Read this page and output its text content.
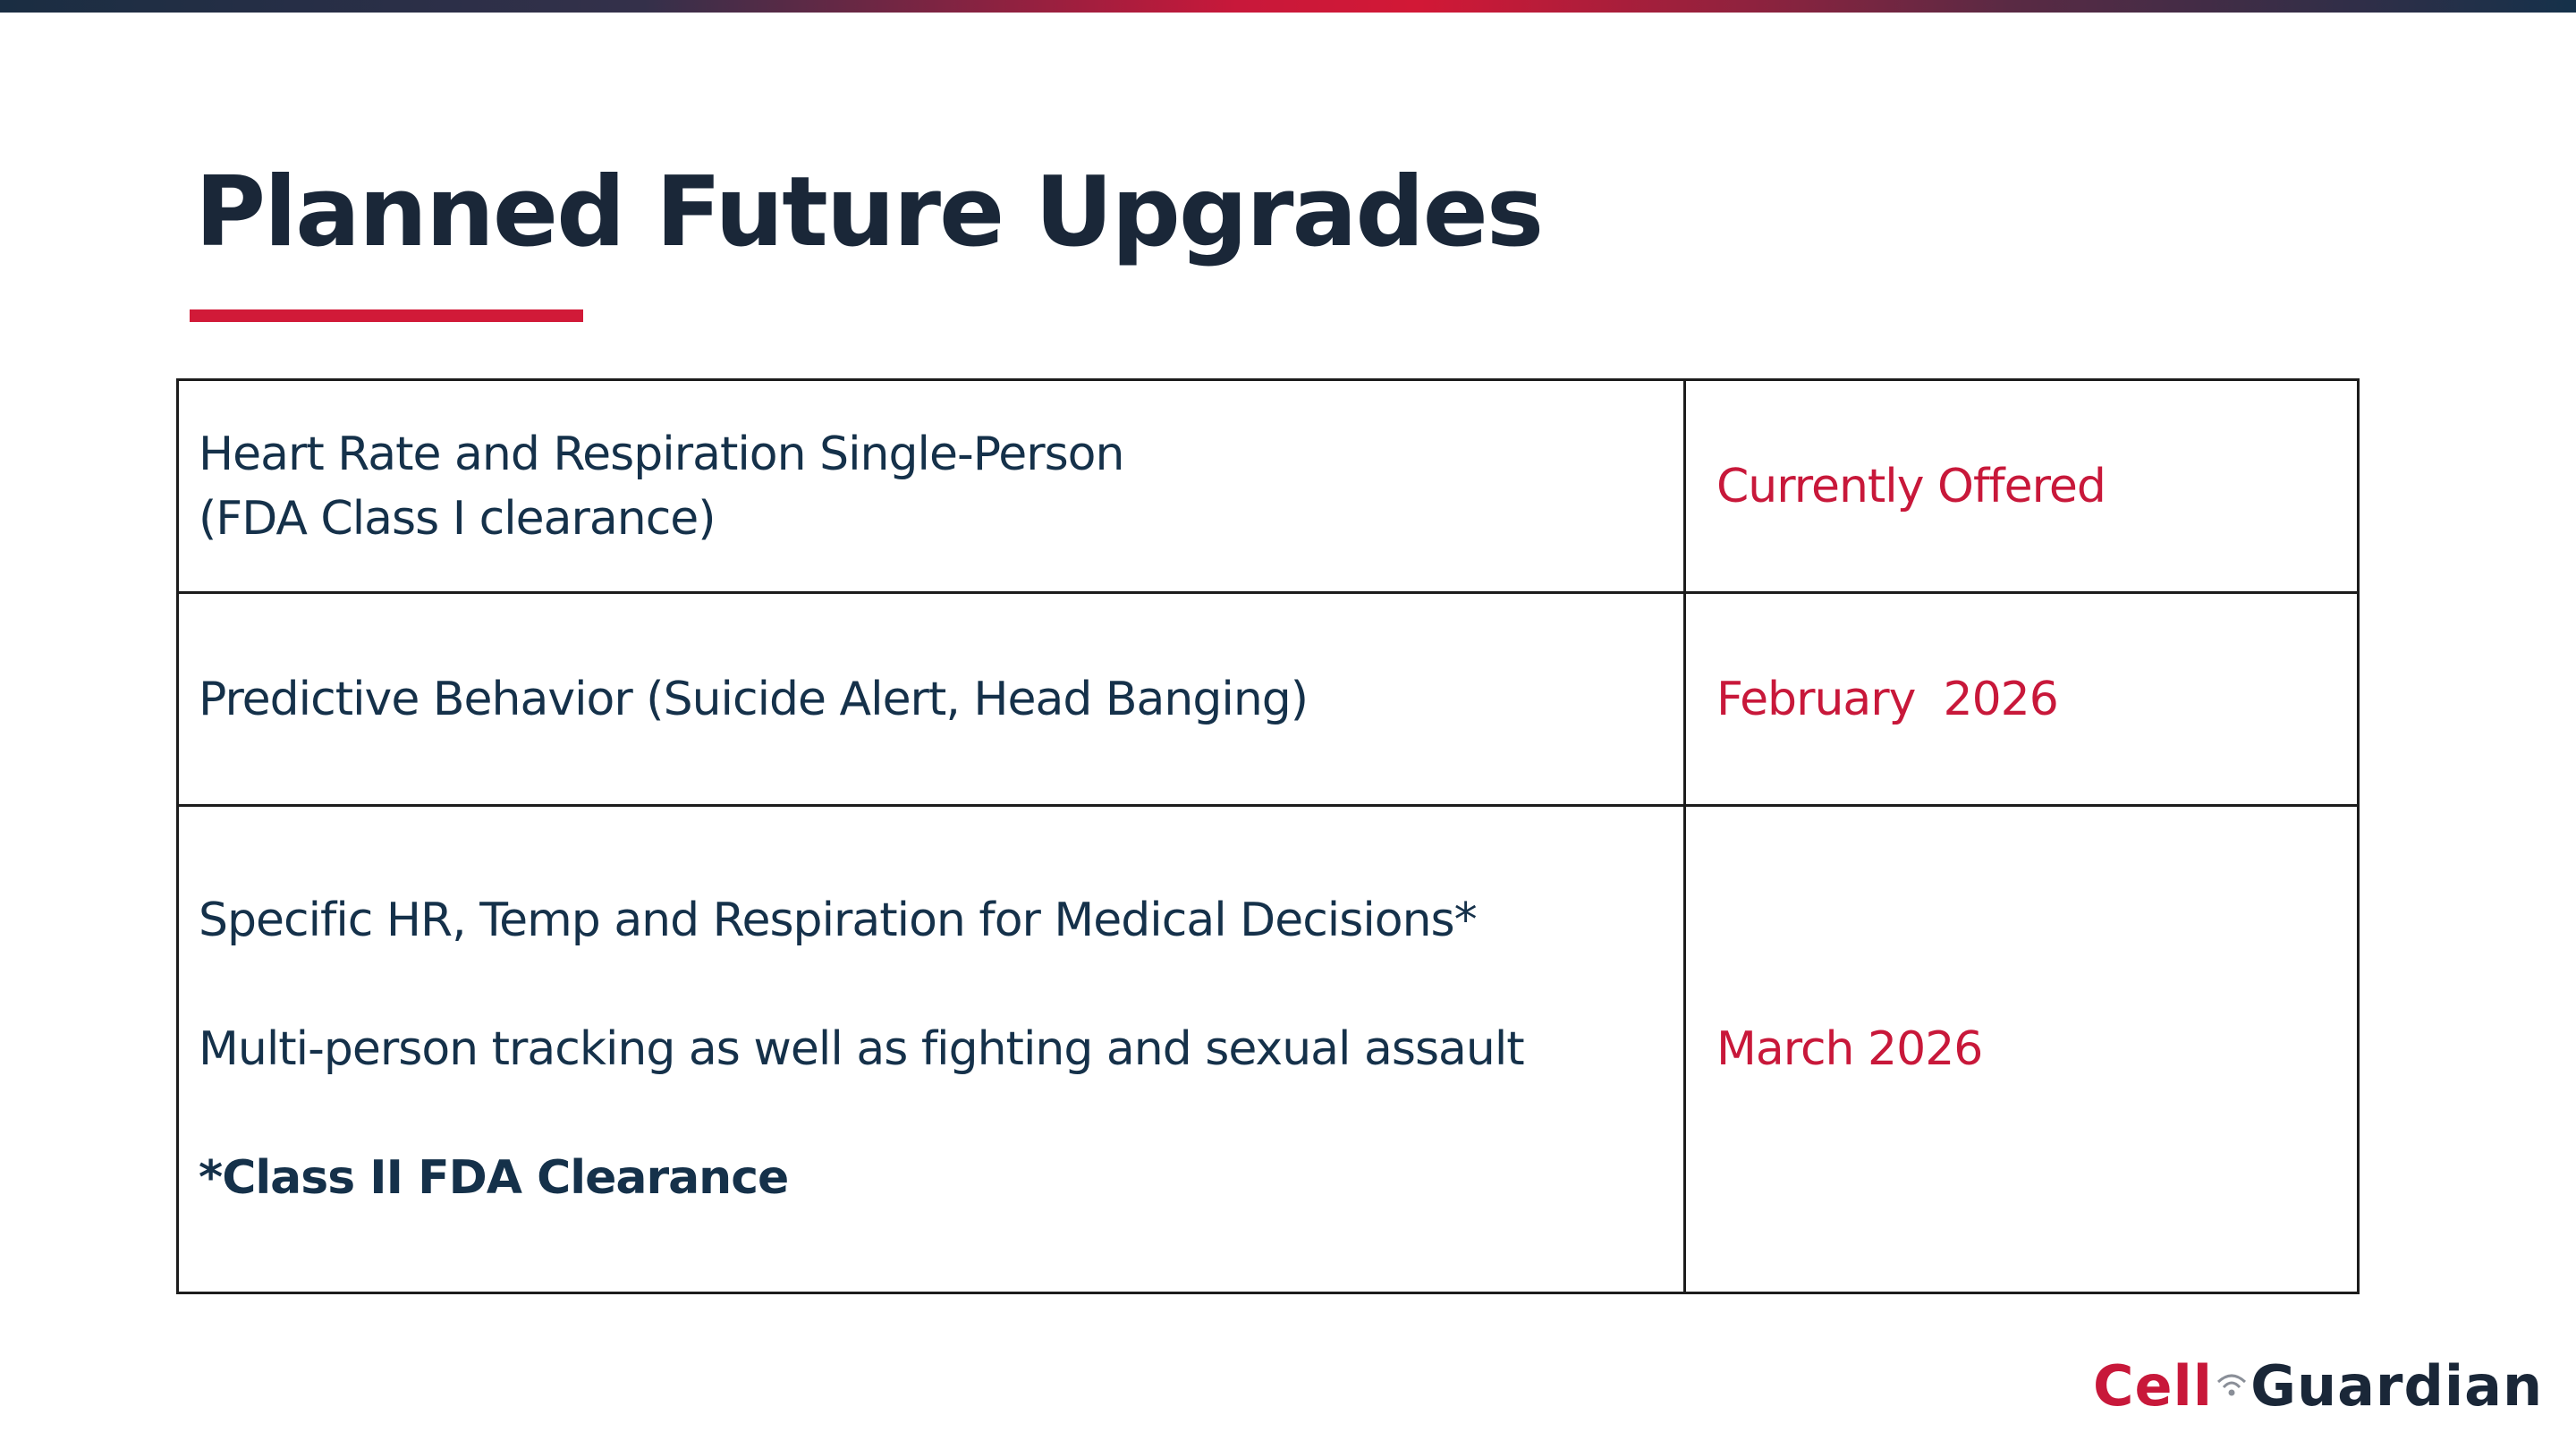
Planned Future Upgrades
Heart Rate and Respiration Single-Person
(FDA Class I clearance)	Currently Offered

Predictive Behavior (Suicide Alert, Head Banging)	February  2026

Specific HR, Temp and Respiration for Medical Decisions*
Multi-person tracking as well as fighting and sexual assault
*Class II FDA Clearance	March 2026
Cell Guardian
